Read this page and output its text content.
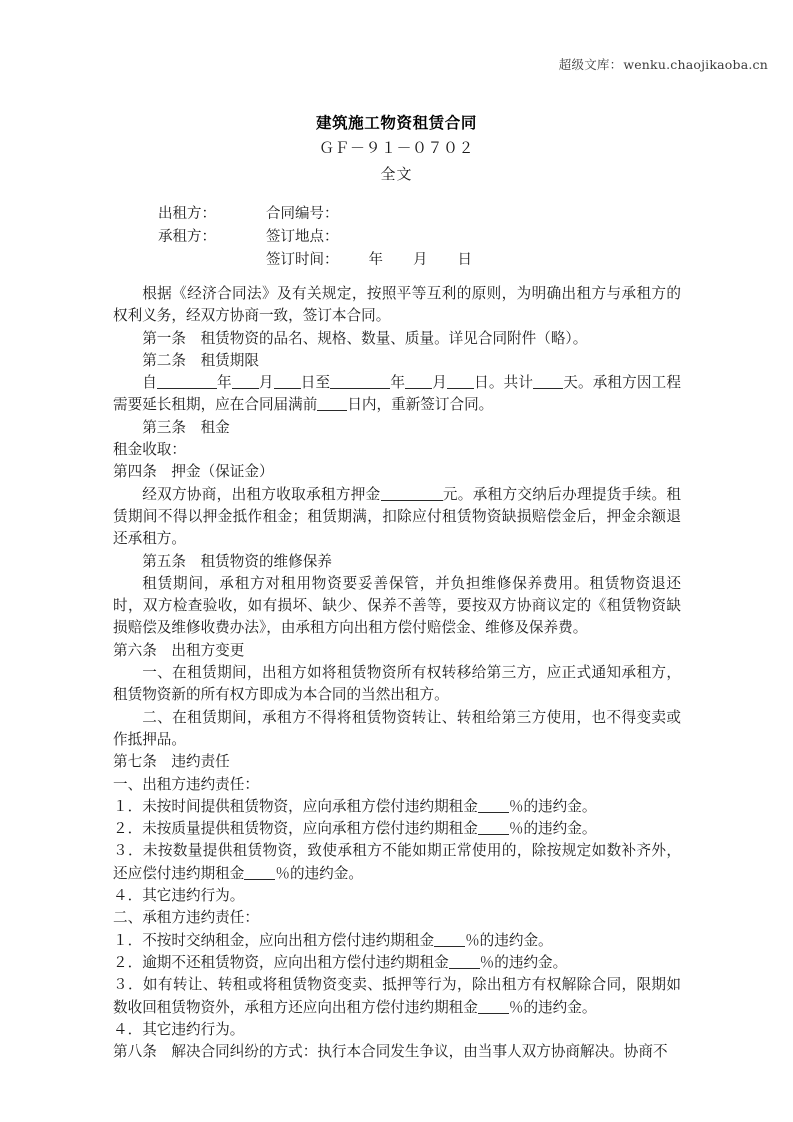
超级文库：wenku.chaojikaoba.cn
建筑施工物资租赁合同
ＧＦ－９１－０７０２
全文
出租方：	合同编号：
承租方：	签订地点：
签订时间： 年 月 日

根据《经济合同法》及有关规定，按照平等互利的原则，为明确出租方与承租方的权利义务，经双方协商一致，签订本合同。

第一条　租赁物资的品名、规格、数量、质量。详见合同附件（略）。

第二条　租赁期限

自	年 月 日至	年 月 日。共计 天。承租方因工程需要延长租期，应在合同届满前 日内，重新签订合同。

第三条　租金

租金收取：

第四条　押金（保证金）

经双方协商，出租方收取承租方押金	元。承租方交纳后办理提货手续。租赁期间不得以押金抵作租金；租赁期满，扣除应付租赁物资缺损赔偿金后，押金余额退还承租方。

第五条　租赁物资的维修保养

租赁期间，承租方对租用物资要妥善保管，并负担维修保养费用。租赁物资退还时，双方检查验收，如有损坏、缺少、保养不善等，要按双方协商议定的《租赁物资缺损赔偿及维修收费办法》，由承租方向出租方偿付赔偿金、维修及保养费。

第六条　出租方变更

一、在租赁期间，出租方如将租赁物资所有权转移给第三方，应正式通知承租方，租赁物资新的所有权方即成为本合同的当然出租方。

二、在租赁期间，承租方不得将租赁物资转让、转租给第三方使用，也不得变卖或作抵押品。

第七条　违约责任

一、出租方违约责任：

１．未按时间提供租赁物资，应向承租方偿付违约期租金 ％的违约金。

２．未按质量提供租赁物资，应向承租方偿付违约期租金 ％的违约金。

３．未按数量提供租赁物资，致使承租方不能如期正常使用的，除按规定如数补齐外，还应偿付违约期租金 ％的违约金。

４．其它违约行为。

二、承租方违约责任：

１．不按时交纳租金，应向出租方偿付违约期租金 ％的违约金。

２．逾期不还租赁物资，应向出租方偿付违约期租金 ％的违约金。

３．如有转让、转租或将租赁物资变卖、抵押等行为，除出租方有权解除合同，限期如数收回租赁物资外，承租方还应向出租方偿付违约期租金 ％的违约金。

４．其它违约行为。

第八条　解决合同纠纷的方式：执行本合同发生争议，由当事人双方协商解决。协商不
